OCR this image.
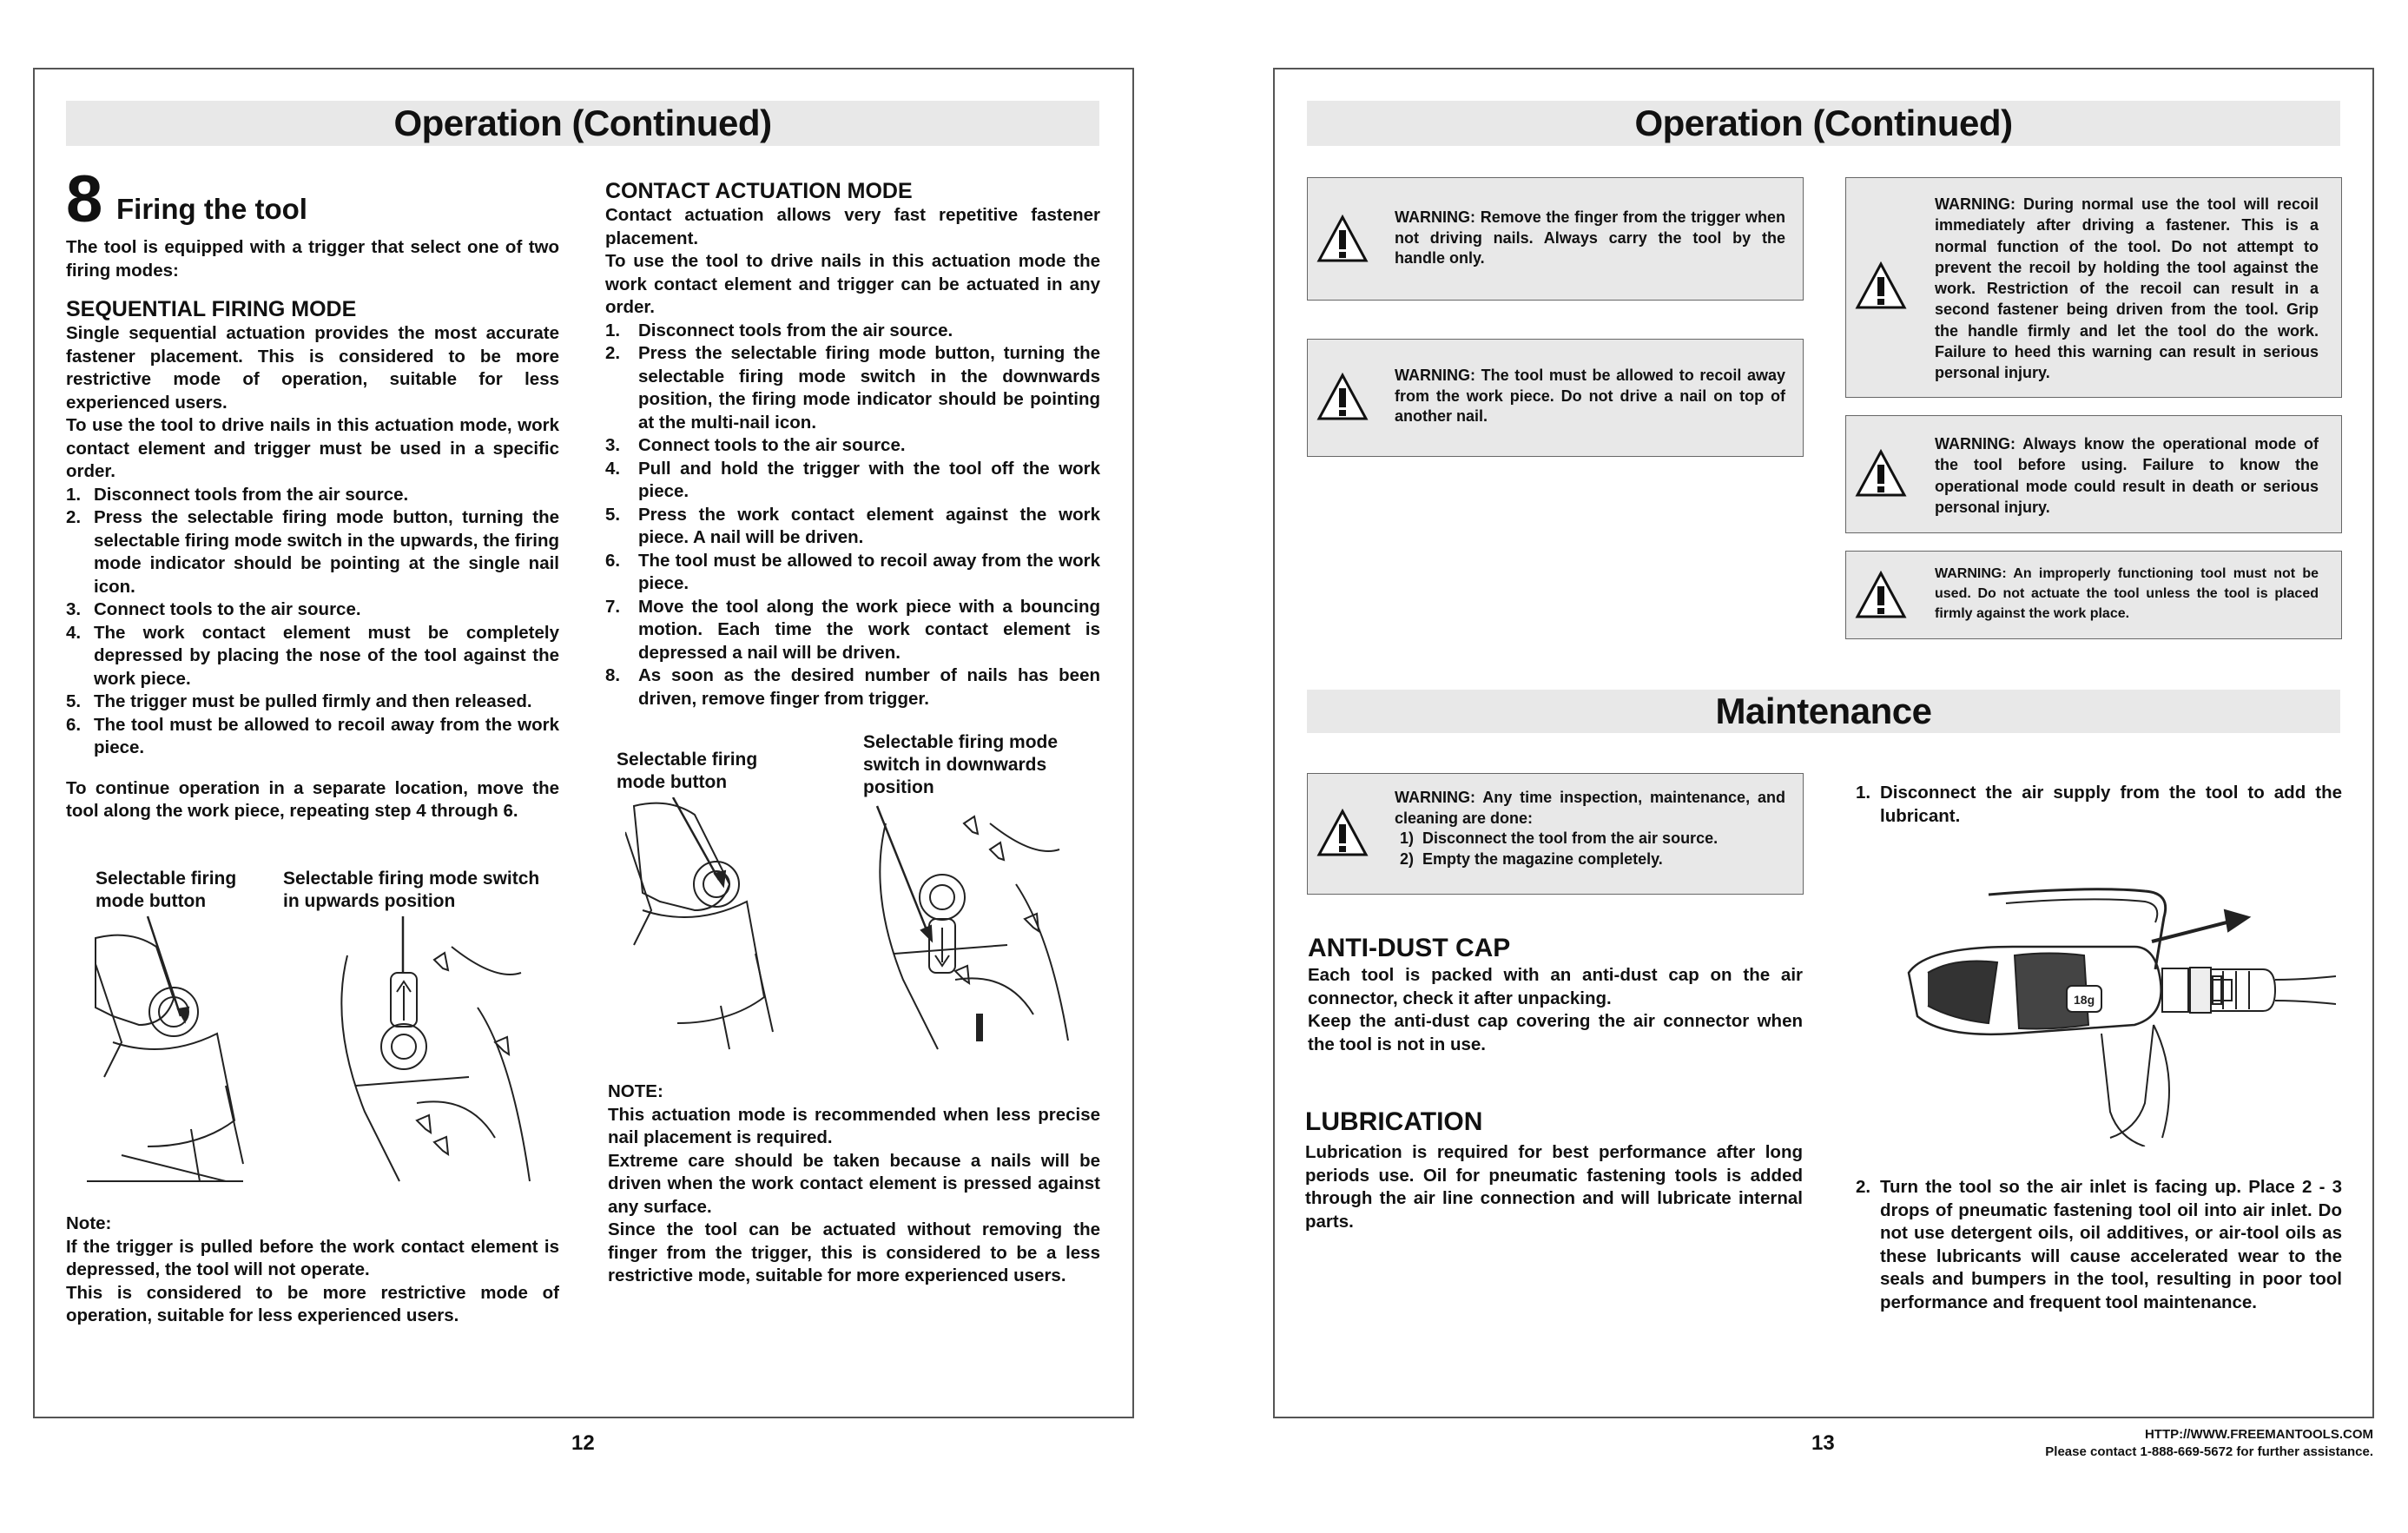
Operation (Continued)
8 Firing the tool

The tool is equipped with a trigger that select one of two firing modes:

SEQUENTIAL FIRING MODE

Single sequential actuation provides the most accurate fastener placement. This is considered to be more restrictive mode of operation, suitable for less experienced users.

To use the tool to drive nails in this actuation mode, work contact element and trigger must be used in a specific order.

1. Disconnect tools from the air source.
2. Press the selectable firing mode button, turning the selectable firing mode switch in the upwards, the firing mode indicator should be pointing at the single nail icon.
3. Connect tools to the air source.
4. The work contact element must be completely depressed by placing the nose of the tool against the work piece.
5. The trigger must be pulled firmly and then released.
6. The tool must be allowed to recoil away from the work piece.

To continue operation in a separate location, move the tool along the work piece, repeating step 4 through 6.

Selectable firing mode button
Selectable firing mode switch in upwards position
Note:

If the trigger is pulled before the work contact element is depressed, the tool will not operate.

This is considered to be more restrictive mode of operation, suitable for less experienced users.

CONTACT ACTUATION MODE

Contact actuation allows very fast repetitive fastener placement.

To use the tool to drive nails in this actuation mode the work contact element and trigger can be actuated in any order.

1. Disconnect tools from the air source.
2. Press the selectable firing mode button, turning the selectable firing mode switch in the downwards position, the firing mode indicator should be pointing at the multi-nail icon.
3. Connect tools to the air source.
4. Pull and hold the trigger with the tool off the work piece.
5. Press the work contact element against the work piece. A nail will be driven.
6. The tool must be allowed to recoil away from the work piece.
7. Move the tool along the work piece with a bouncing motion. Each time the work contact element is depressed a nail will be driven.
8. As soon as the desired number of nails has been driven, remove finger from trigger.
Selectable firing mode button
Selectable firing mode switch in downwards position
NOTE:

This actuation mode is recommended when less precise nail placement is required.

Extreme care should be taken because a nails will be driven when the work contact element is pressed against any surface.

Since the tool can be actuated without removing the finger from the trigger, this is considered to be a less restrictive mode, suitable for more experienced users.

12
Operation (Continued)
WARNING: Remove the finger from the trigger when not driving nails. Always carry the tool by the handle only.
WARNING: The tool must be allowed to recoil away from the work piece. Do not drive a nail on top of another nail.
WARNING: During normal use the tool will recoil immediately after driving a fastener. This is a normal function of the tool. Do not attempt to prevent the recoil by holding the tool against the work. Restriction of the recoil can result in a second fastener being driven from the tool. Grip the handle firmly and let the tool do the work. Failure to heed this warning can result in serious personal injury.
WARNING: Always know the operational mode of the tool before using. Failure to know the operational mode could result in death or serious personal injury.
WARNING: An improperly functioning tool must not be used. Do not actuate the tool unless the tool is placed firmly against the work place.
Maintenance
WARNING: Any time inspection, maintenance, and cleaning are done:
1) Disconnect the tool from the air source.
2) Empty the magazine completely.
ANTI-DUST CAP

Each tool is packed with an anti-dust cap on the air connector, check it after unpacking.

Keep the anti-dust cap covering the air connector when the tool is not in use.

LUBRICATION

Lubrication is required for best performance after long periods use. Oil for pneumatic fastening tools is added through the air line connection and will lubricate internal parts.

1. Disconnect the air supply from the tool to add the lubricant.
18g
2. Turn the tool so the air inlet is facing up. Place 2 - 3 drops of pneumatic fastening tool oil into air inlet. Do not use detergent oils, oil additives, or air-tool oils as these lubricants will cause accelerated wear to the seals and bumpers in the tool, resulting in poor tool performance and frequent tool maintenance.
13	HTTP://WWW.FREEMANTOOLS.COM
Please contact 1-888-669-5672 for further assistance.
